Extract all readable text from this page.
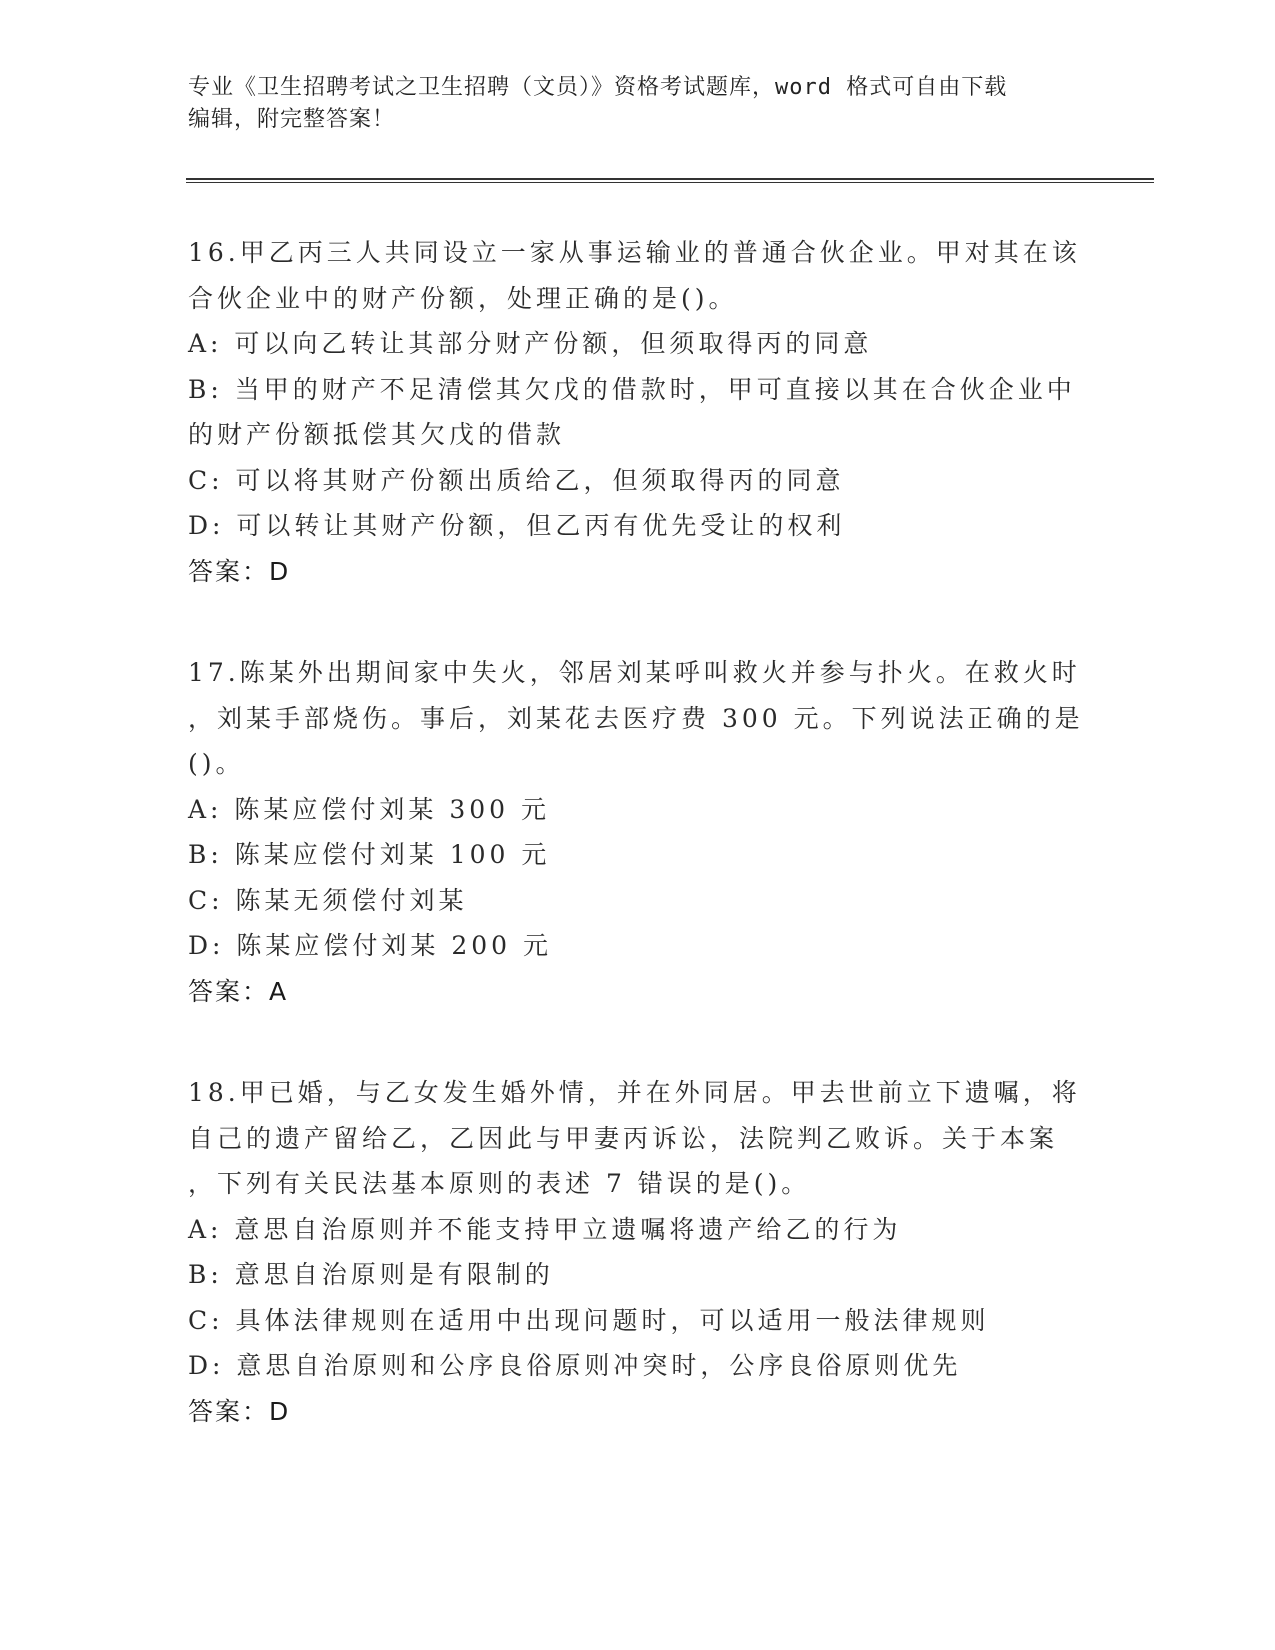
专业《卫生招聘考试之卫生招聘（文员）》资格考试题库，word 格式可自由下载
编辑，附完整答案！
16.甲乙丙三人共同设立一家从事运输业的普通合伙企业。甲对其在该
合伙企业中的财产份额，处理正确的是()。
A: 可以向乙转让其部分财产份额，但须取得丙的同意
B: 当甲的财产不足清偿其欠戊的借款时，甲可直接以其在合伙企业中
的财产份额抵偿其欠戊的借款
C: 可以将其财产份额出质给乙，但须取得丙的同意
D: 可以转让其财产份额，但乙丙有优先受让的权利
答案：D
17.陈某外出期间家中失火，邻居刘某呼叫救火并参与扑火。在救火时
，刘某手部烧伤。事后，刘某花去医疗费 300 元。下列说法正确的是
()。
A: 陈某应偿付刘某 300 元
B: 陈某应偿付刘某 100 元
C: 陈某无须偿付刘某
D: 陈某应偿付刘某 200 元
答案：A
18.甲已婚，与乙女发生婚外情，并在外同居。甲去世前立下遗嘱，将
自己的遗产留给乙，乙因此与甲妻丙诉讼，法院判乙败诉。关于本案
，下列有关民法基本原则的表述 7 错误的是()。
A: 意思自治原则并不能支持甲立遗嘱将遗产给乙的行为
B: 意思自治原则是有限制的
C: 具体法律规则在适用中出现问题时，可以适用一般法律规则
D: 意思自治原则和公序良俗原则冲突时，公序良俗原则优先
答案：D
